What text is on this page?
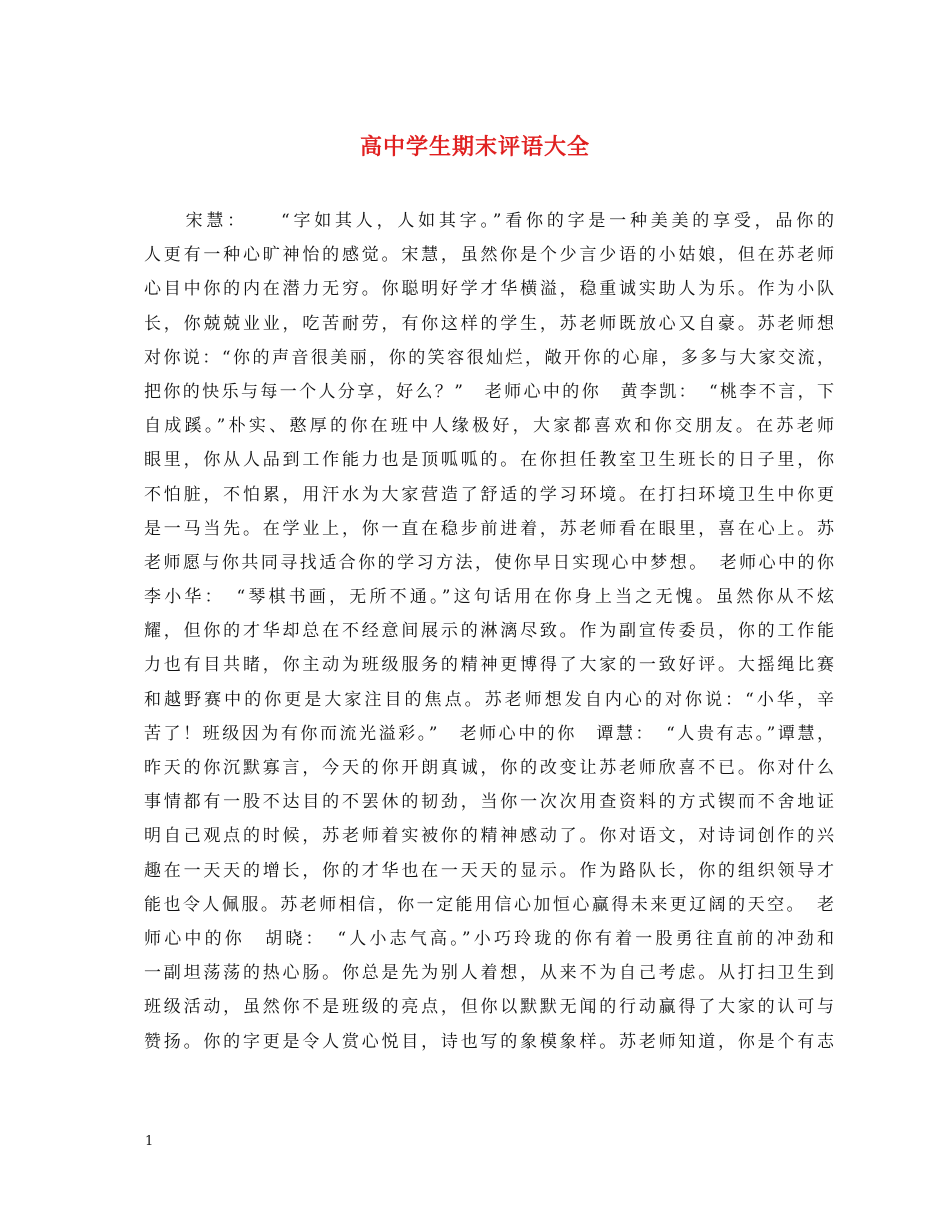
高中学生期末评语大全
　　宋慧：　　“字如其人，人如其字。”看你的字是一种美美的享受，品你的
人更有一种心旷神怡的感觉。宋慧，虽然你是个少言少语的小姑娘，但在苏老师
心目中你的内在潜力无穷。你聪明好学才华横溢，稳重诚实助人为乐。作为小队
长，你兢兢业业，吃苦耐劳，有你这样的学生，苏老师既放心又自豪。苏老师想
对你说：“你的声音很美丽，你的笑容很灿烂，敞开你的心扉，多多与大家交流，
把你的快乐与每一个人分享，好么？”　老师心中的你　黄李凯：　“桃李不言，下
自成蹊。”朴实、憨厚的你在班中人缘极好，大家都喜欢和你交朋友。在苏老师
眼里，你从人品到工作能力也是顶呱呱的。在你担任教室卫生班长的日子里，你
不怕脏，不怕累，用汗水为大家营造了舒适的学习环境。在打扫环境卫生中你更
是一马当先。在学业上，你一直在稳步前进着，苏老师看在眼里，喜在心上。苏
老师愿与你共同寻找适合你的学习方法，使你早日实现心中梦想。　老师心中的你
李小华：　“琴棋书画，无所不通。”这句话用在你身上当之无愧。虽然你从不炫
耀，但你的才华却总在不经意间展示的淋漓尽致。作为副宣传委员，你的工作能
力也有目共睹，你主动为班级服务的精神更博得了大家的一致好评。大摇绳比赛
和越野赛中的你更是大家注目的焦点。苏老师想发自内心的对你说：“小华，辛
苦了！班级因为有你而流光溢彩。”　老师心中的你　谭慧：　“人贵有志。”谭慧，
昨天的你沉默寡言，今天的你开朗真诚，你的改变让苏老师欣喜不已。你对什么
事情都有一股不达目的不罢休的韧劲，当你一次次用查资料的方式锲而不舍地证
明自己观点的时候，苏老师着实被你的精神感动了。你对语文，对诗词创作的兴
趣在一天天的增长，你的才华也在一天天的显示。作为路队长，你的组织领导才
能也令人佩服。苏老师相信，你一定能用信心加恒心赢得未来更辽阔的天空。　老
师心中的你　胡晓：　“人小志气高。”小巧玲珑的你有着一股勇往直前的冲劲和
一副坦荡荡的热心肠。你总是先为别人着想，从来不为自己考虑。从打扫卫生到
班级活动，虽然你不是班级的亮点，但你以默默无闻的行动赢得了大家的认可与
赞扬。你的字更是令人赏心悦目，诗也写的象模象样。苏老师知道，你是个有志
1
